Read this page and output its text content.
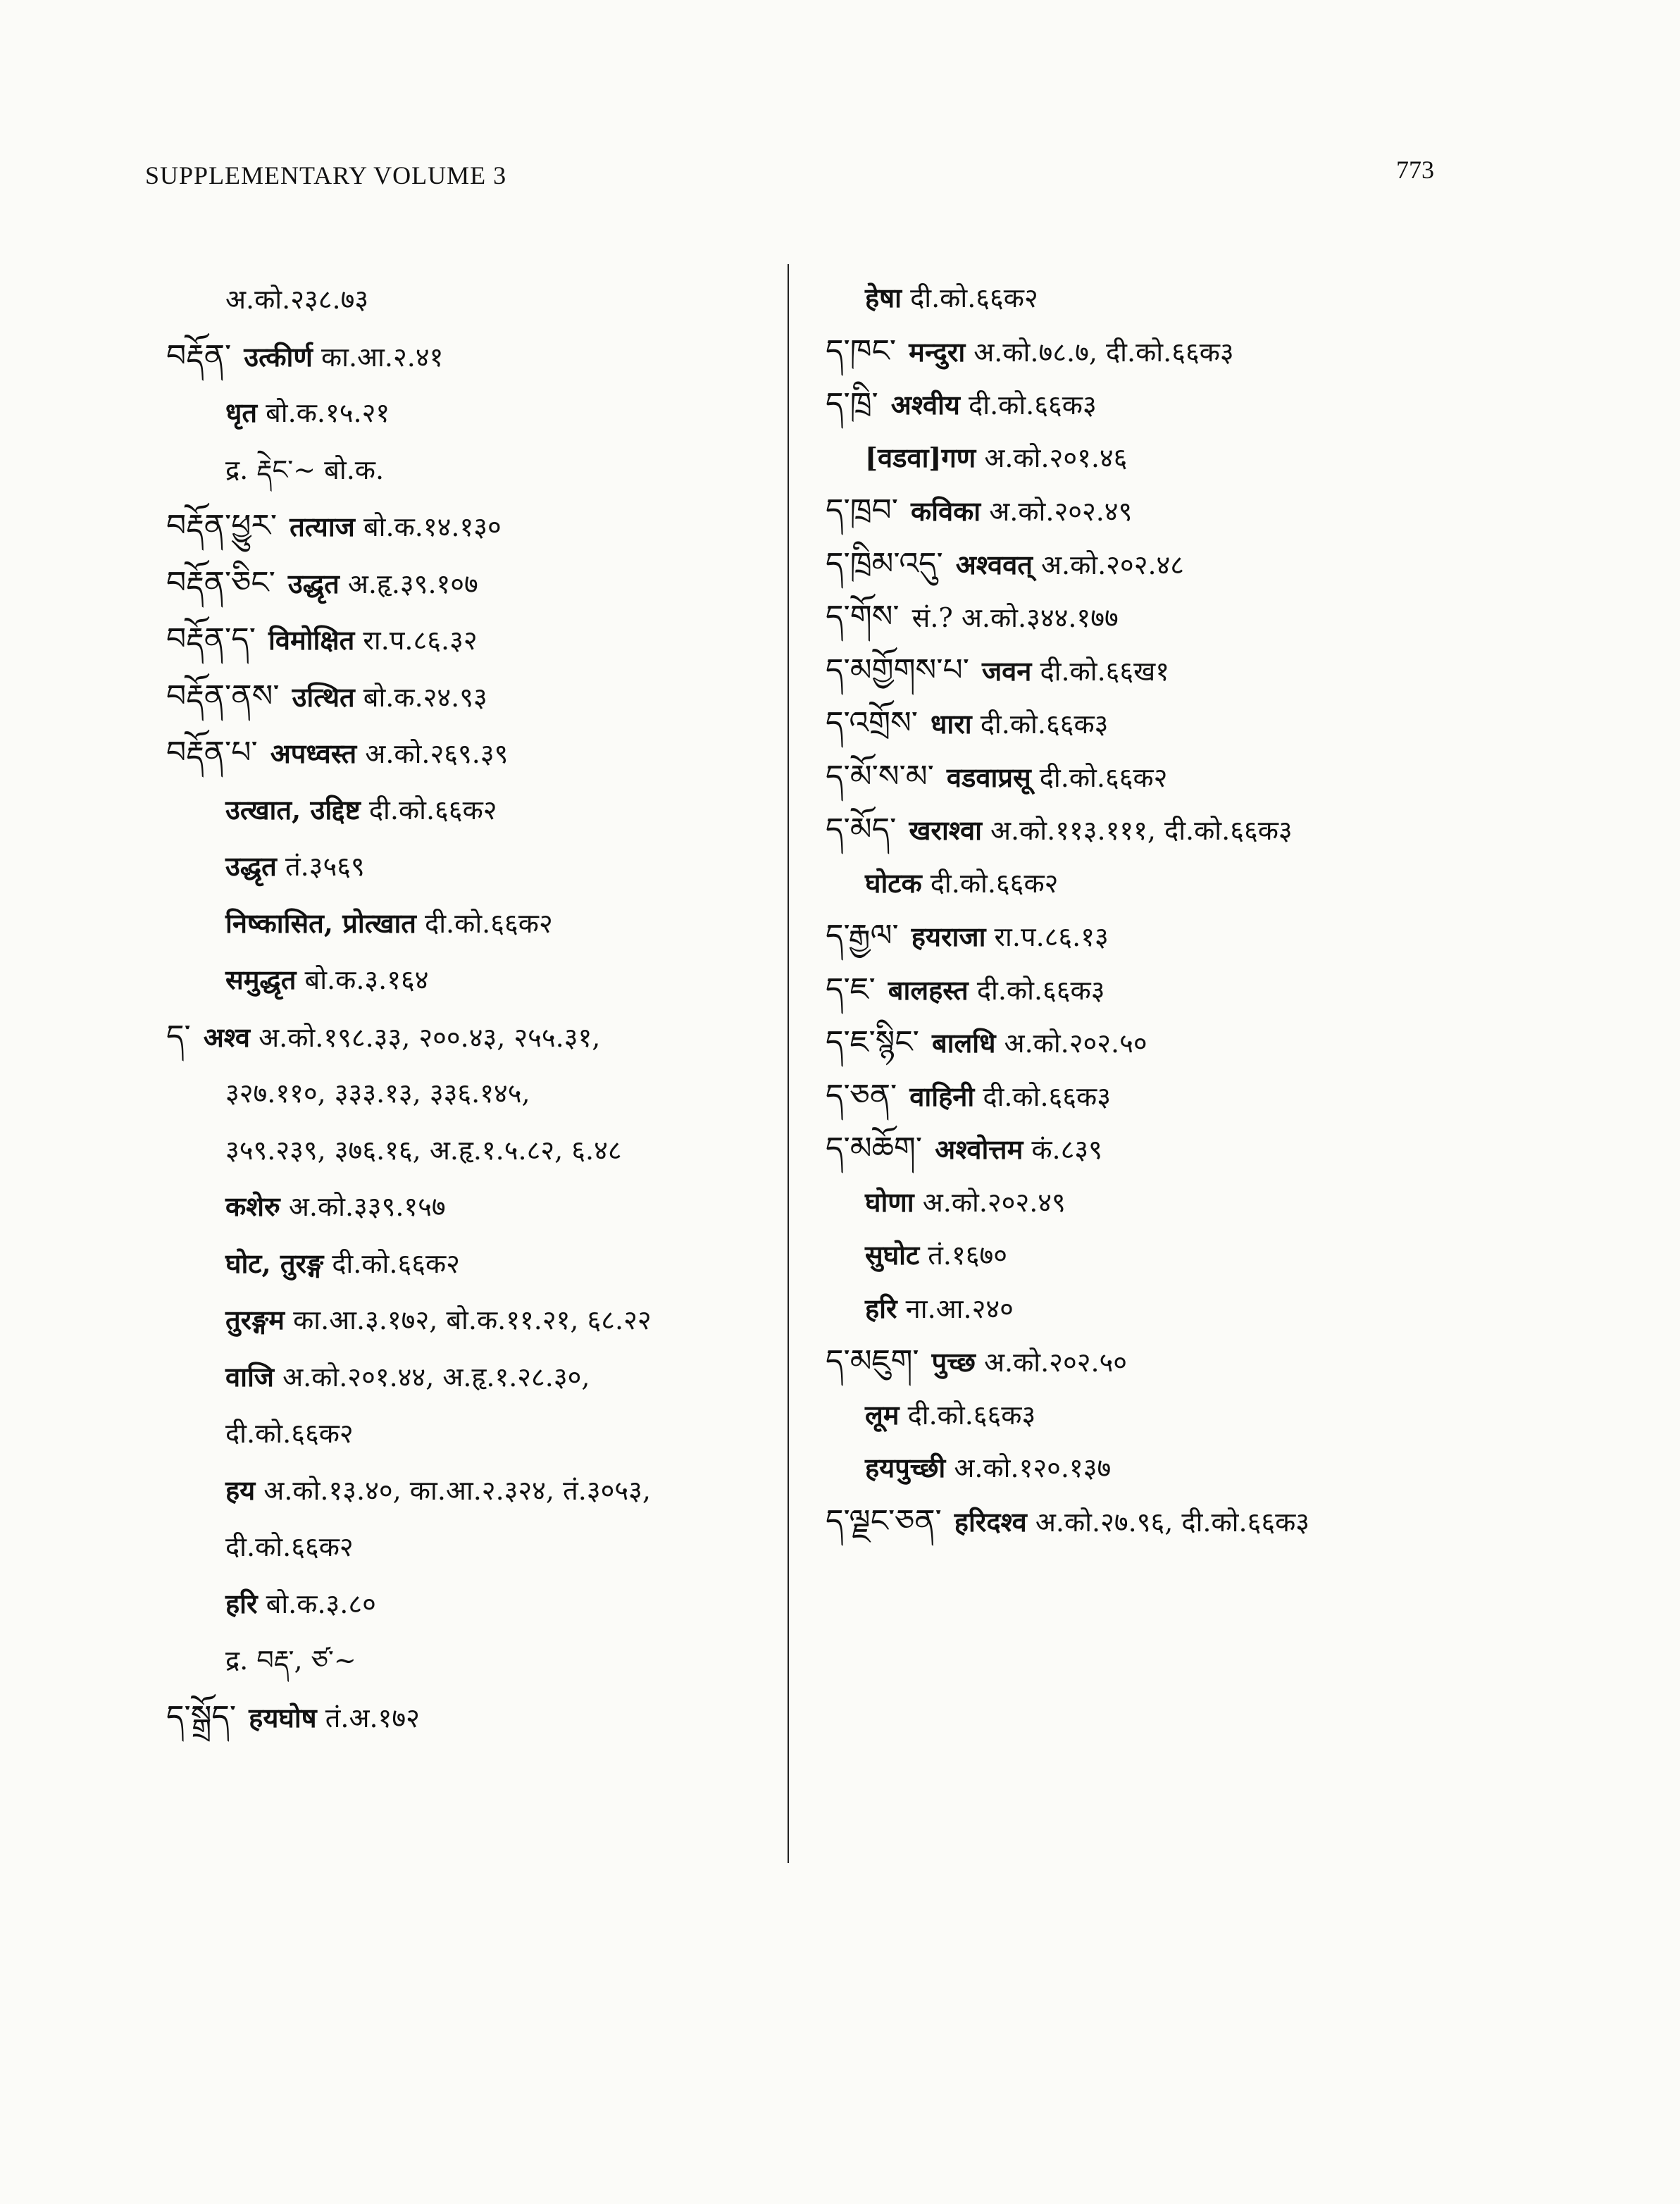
SUPPLEMENTARY VOLUME 3	773
अ.को.२३८.७३
བརྡོན་ उत्कीर्ण का.आ.२.४१
धृत बो.क.१५.२१
द्र. རྡེང་~ बो.क.
བརྡོན་ཕྱུར་ तत्याज बो.क.१४.१३०
བརྡོན་ཅིང་ उद्धृत अ.हृ.३९.१०७
བརྡོན་ད་ विमोक्षित रा.प.८६.३२
བརྡོན་ནས་ उत्थित बो.क.२४.९३
བརྡོན་པ་ अपध्वस्त अ.को.२६९.३९
उत्खात, उद्दिष्ट दी.को.६६क२
उद्धृत तं.३५६९
निष्कासित, प्रोत्खात दी.को.६६क२
समुद्धृत बो.क.३.१६४
ད་ अश्व अ.को.१९८.३३, २००.४३, २५५.३१,
३२७.११०, ३३३.१३, ३३६.१४५,
३५९.२३९, ३७६.१६, अ.हृ.१.५.८२, ६.४८
कशेरु अ.को.३३९.१५७
घोट, तुरङ्ग दी.को.६६क२
तुरङ्गम का.आ.३.१७२, बो.क.११.२१, ६८.२२
वाजि अ.को.२०१.४४, अ.हृ.१.२८.३०,
दी.को.६६क२
हय अ.को.१३.४०, का.आ.२.३२४, तं.३०५३,
दी.को.६६क२
हरि बो.क.३.८०
द्र. བརྡ་, ཙ་~
ད་སྒྲོད་ हयघोष तं.अ.१७२
हेषा दी.को.६६क२
ད་ཁང་ मन्दुरा अ.को.७८.७, दी.को.६६क३
ད་ཁྲི་ अश्वीय दी.को.६६क३
[वडवा]गण अ.को.२०१.४६
ད་ཁྲབ་ कविका अ.को.२०२.४९
ད་ཁྲིམ་འདུ་ अश्ववत् अ.को.२०२.४८
ད་གོས་ सं.? अ.को.३४४.१७७
ད་མགྱོགས་པ་ जवन दी.को.६६ख१
ད་འགྲོས་ धारा दी.को.६६क३
ད་མོ་ས་མ་ वडवाप्रसू दी.को.६६क२
ད་མོད་ खराश्वा अ.को.११३.१११, दी.को.६६क३
घोटक दी.को.६६क२
ད་རྒྱལ་ हयराजा रा.प.८६.१३
ད་ཇ་ बालहस्त दी.को.६६क३
ད་ཇ་སྙིང་ बालधि अ.को.२०२.५०
ད་ཅན་ वाहिनी दी.को.६६क३
ད་མཆོག་ अश्वोत्तम कं.८३९
घोणा अ.को.२०२.४९
सुघोट तं.१६७०
हरि ना.आ.२४०
ད་མཇུག་ पुच्छ अ.को.२०२.५०
लूम दी.को.६६क३
हयपुच्छी अ.को.१२०.१३७
ད་ལྗང་ཅན་ हरिदश्व अ.को.२७.९६, दी.को.६६क३
